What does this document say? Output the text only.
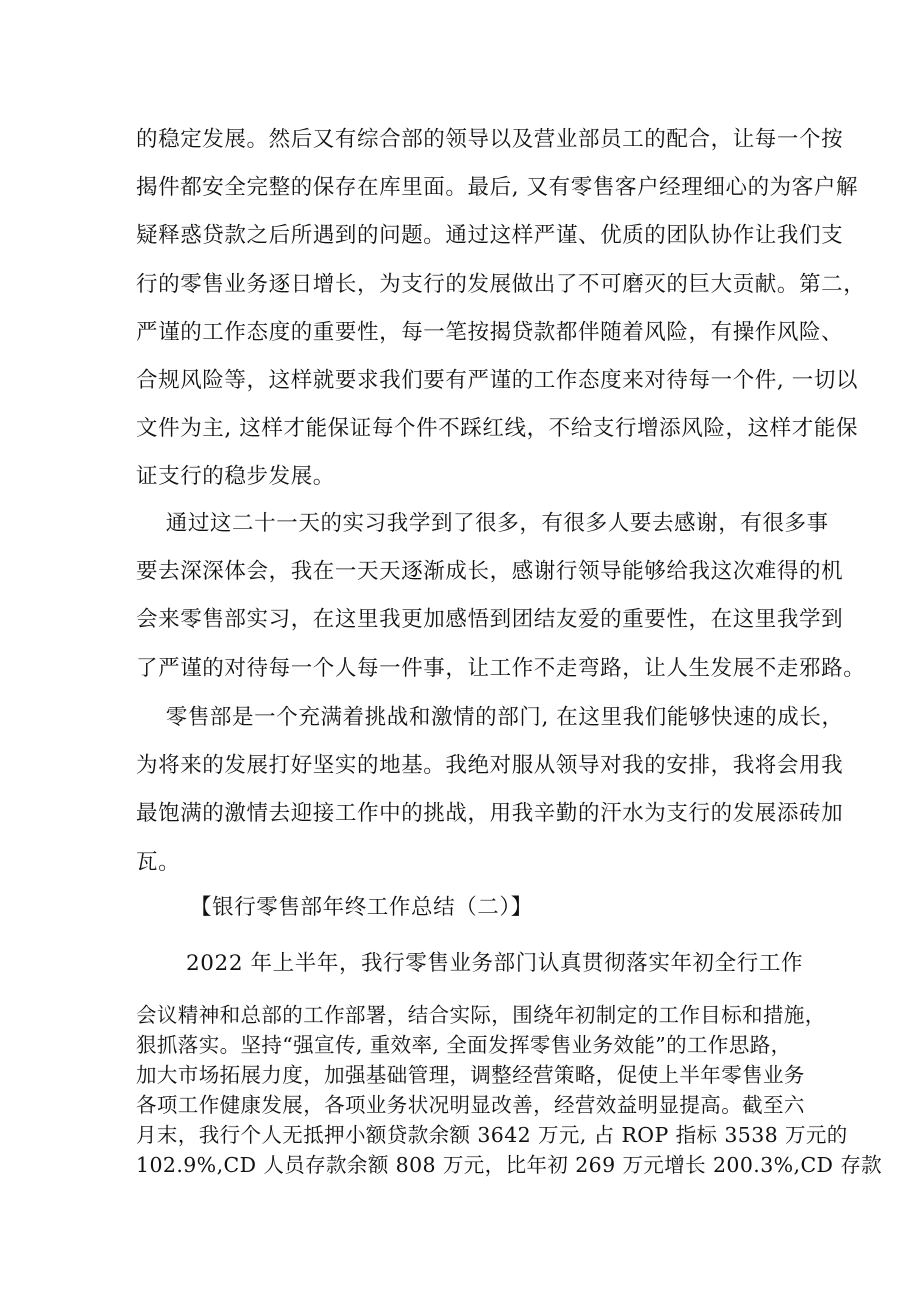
的稳定发展。然后又有综合部的领导以及营业部员工的配合，让每一个按
揭件都安全完整的保存在库里面。最后, 又有零售客户经理细心的为客户解
疑释惑贷款之后所遇到的问题。通过这样严谨、优质的团队协作让我们支
行的零售业务逐日增长，为支行的发展做出了不可磨灭的巨大贡献。第二，
严谨的工作态度的重要性，每一笔按揭贷款都伴随着风险，有操作风险、
合规风险等，这样就要求我们要有严谨的工作态度来对待每一个件, 一切以
文件为主, 这样才能保证每个件不踩红线，不给支行增添风险，这样才能保
证支行的稳步发展。
通过这二十一天的实习我学到了很多，有很多人要去感谢，有很多事
要去深深体会，我在一天天逐渐成长，感谢行领导能够给我这次难得的机
会来零售部实习，在这里我更加感悟到团结友爱的重要性，在这里我学到
了严谨的对待每一个人每一件事，让工作不走弯路，让人生发展不走邪路。
零售部是一个充满着挑战和激情的部门, 在这里我们能够快速的成长，
为将来的发展打好坚实的地基。我绝对服从领导对我的安排，我将会用我
最饱满的激情去迎接工作中的挑战，用我辛勤的汗水为支行的发展添砖加
瓦。
【银行零售部年终工作总结（二）】
2022 年上半年，我行零售业务部门认真贯彻落实年初全行工作
会议精神和总部的工作部署，结合实际，围绕年初制定的工作目标和措施，
狠抓落实。坚持“强宣传, 重效率, 全面发挥零售业务效能”的工作思路，
加大市场拓展力度，加强基础管理，调整经营策略，促使上半年零售业务
各项工作健康发展，各项业务状况明显改善，经营效益明显提高。截至六
月末，我行个人无抵押小额贷款余额 3642 万元, 占 ROP 指标 3538 万元的
102.9%,CD 人员存款余额 808 万元，比年初 269 万元增长 200.3%,CD 存款
